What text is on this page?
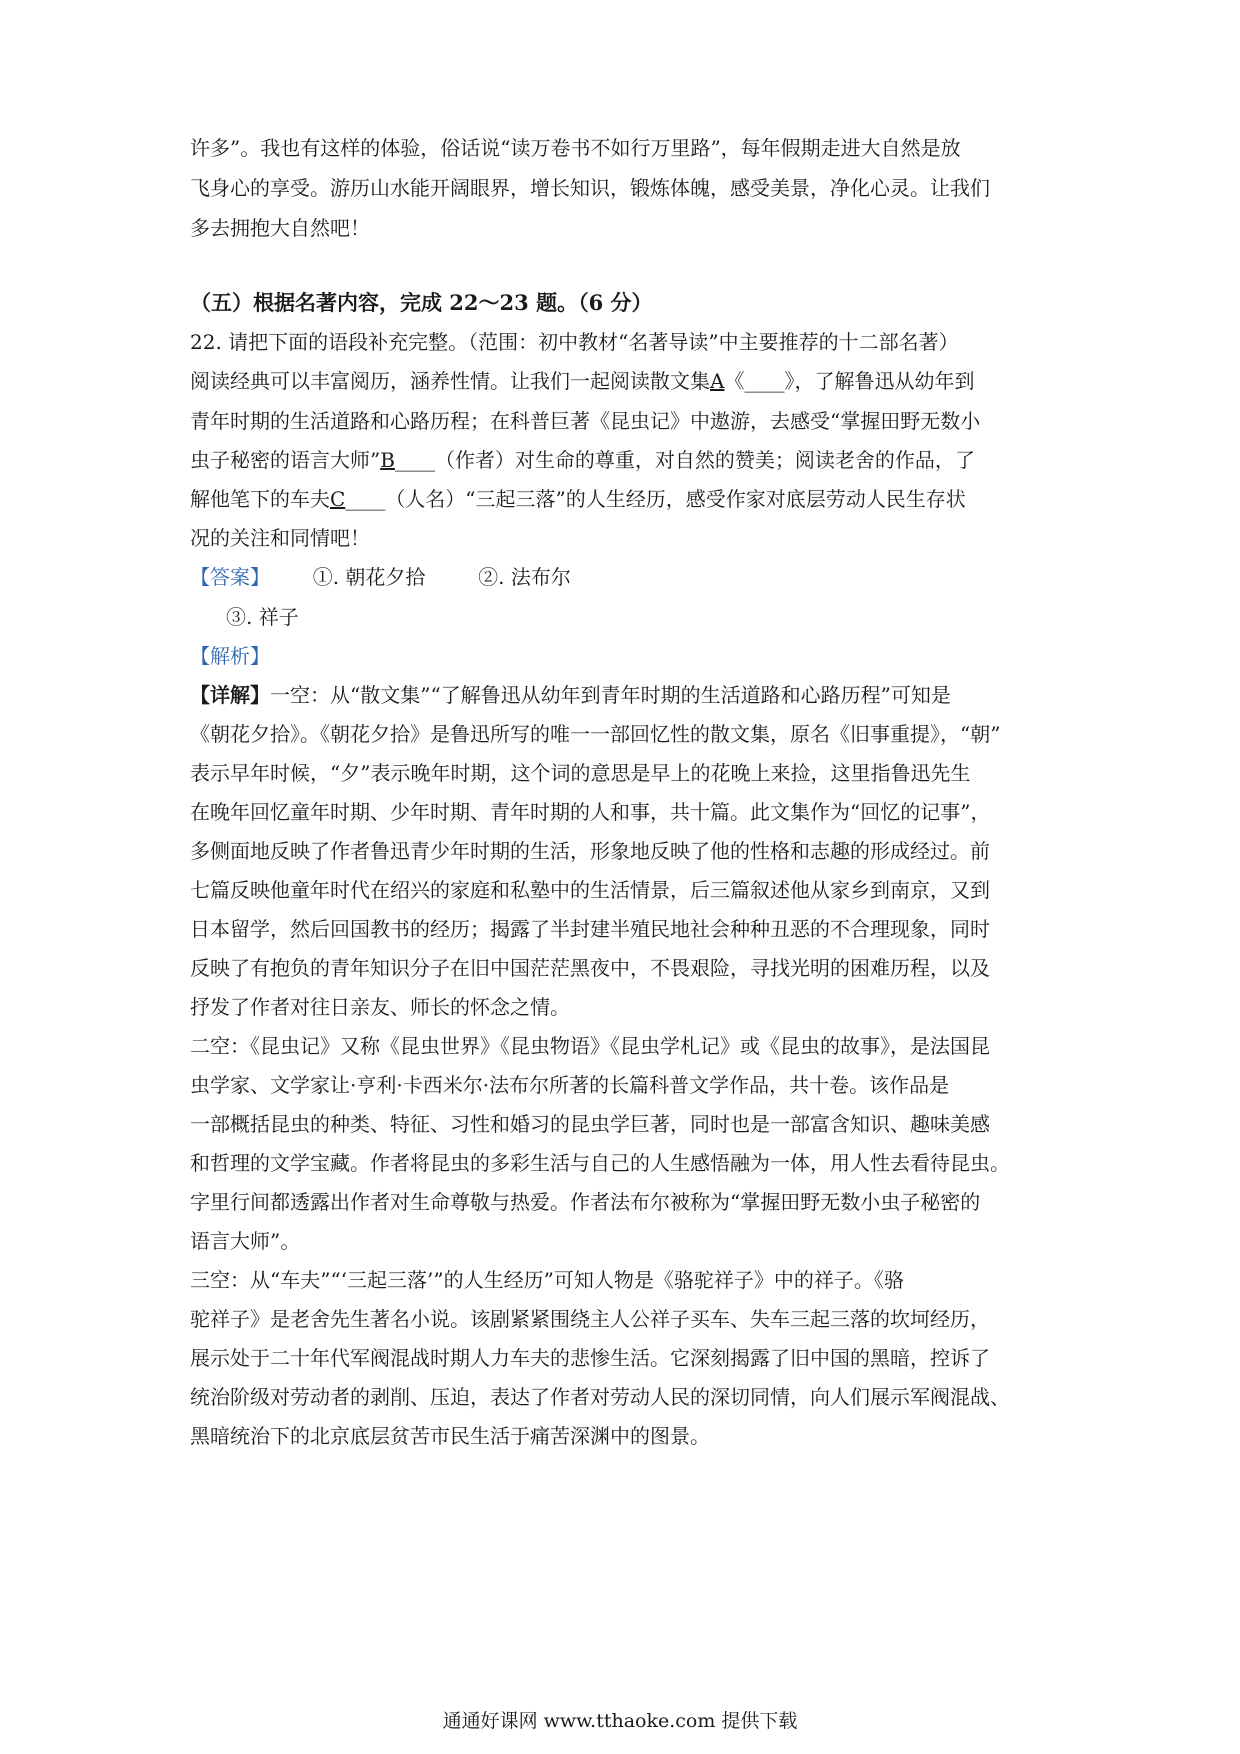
许多”。我也有这样的体验，俗话说“读万卷书不如行万里路”，每年假期走进大自然是放
飞身心的享受。游历山水能开阔眼界，增长知识，锻炼体魄，感受美景，净化心灵。让我们
多去拥抱大自然吧！
（五）根据名著内容，完成 22～23 题。（6 分）
22. 请把下面的语段补充完整。（范围：初中教材“名著导读”中主要推荐的十二部名著）
阅读经典可以丰富阅历，涵养性情。让我们一起阅读散文集A《____》，了解鲁迅从幼年到
青年时期的生活道路和心路历程；在科普巨著《昆虫记》中遨游，去感受“掌握田野无数小
虫子秘密的语言大师”B____（作者）对生命的尊重，对自然的赞美；阅读老舍的作品，了
解他笔下的车夫C____（人名）“三起三落”的人生经历，感受作家对底层劳动人民生存状
况的关注和同情吧！
【答案】 ①. 朝花夕拾	②. 法布尔
③. 祥子
【解析】
【详解】一空：从“散文集”“了解鲁迅从幼年到青年时期的生活道路和心路历程”可知是
《朝花夕拾》。《朝花夕拾》是鲁迅所写的唯一一部回忆性的散文集，原名《旧事重提》，“朝”
表示早年时候，“夕”表示晚年时期，这个词的意思是早上的花晚上来捡，这里指鲁迅先生
在晚年回忆童年时期、少年时期、青年时期的人和事，共十篇。此文集作为“回忆的记事”，
多侧面地反映了作者鲁迅青少年时期的生活，形象地反映了他的性格和志趣的形成经过。前
七篇反映他童年时代在绍兴的家庭和私塾中的生活情景，后三篇叙述他从家乡到南京，又到
日本留学，然后回国教书的经历；揭露了半封建半殖民地社会种种丑恶的不合理现象，同时
反映了有抱负的青年知识分子在旧中国茫茫黑夜中，不畏艰险，寻找光明的困难历程，以及
抒发了作者对往日亲友、师长的怀念之情。
二空：《昆虫记》又称《昆虫世界》《昆虫物语》《昆虫学札记》或《昆虫的故事》，是法国昆
虫学家、文学家让·亨利·卡西米尔·法布尔所著的长篇科普文学作品，共十卷。该作品是
一部概括昆虫的种类、特征、习性和婚习的昆虫学巨著，同时也是一部富含知识、趣味美感
和哲理的文学宝藏。作者将昆虫的多彩生活与自己的人生感悟融为一体，用人性去看待昆虫。
字里行间都透露出作者对生命尊敬与热爱。作者法布尔被称为“掌握田野无数小虫子秘密的
语言大师”。
三空：从“车夫”“‘三起三落’”的人生经历”可知人物是《骆驼祥子》中的祥子。《骆
驼祥子》是老舍先生著名小说。该剧紧紧围绕主人公祥子买车、失车三起三落的坎坷经历，
展示处于二十年代军阀混战时期人力车夫的悲惨生活。它深刻揭露了旧中国的黑暗，控诉了
统治阶级对劳动者的剥削、压迫，表达了作者对劳动人民的深切同情，向人们展示军阀混战、
黑暗统治下的北京底层贫苦市民生活于痛苦深渊中的图景。
通通好课网 www.tthaoke.com 提供下载
